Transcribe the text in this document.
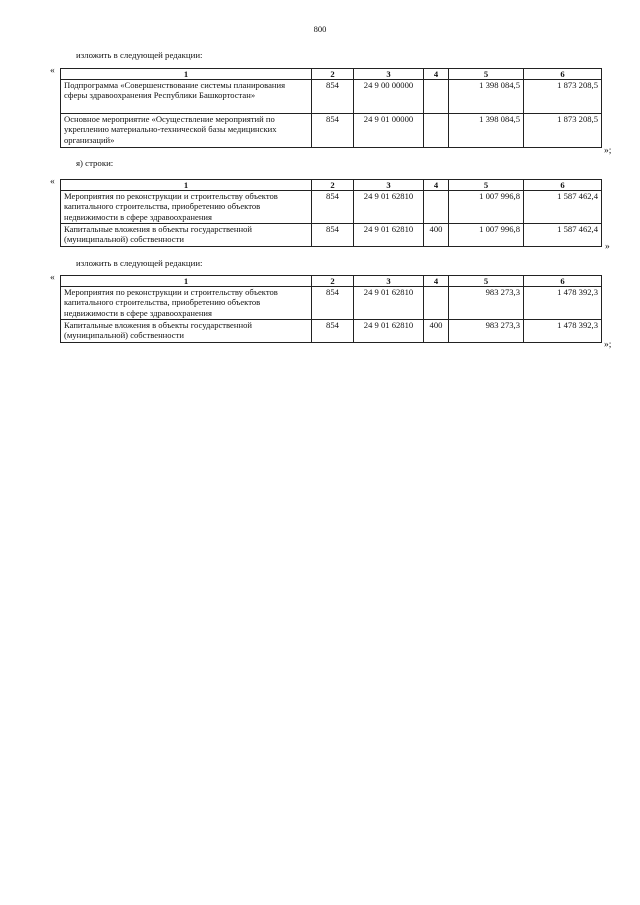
800
изложить в следующей редакции:
«	1	2	3	4	5	6
Подпрограмма «Совершенствование системы планирования сферы здравоохранения Республики Башкортостан»	854	24 9 00 00000		1 398 084,5	1 873 208,5
Основное мероприятие «Осуществление мероприятий по укреплению материально-технической базы медицинских организаций»	854	24 9 01 00000		1 398 084,5	1 873 208,5
»;
я) строки:
«	1	2	3	4	5	6
Мероприятия по реконструкции и строительству объектов капитального строительства, приобретению объектов недвижимости в сфере здравоохранения	854	24 9 01 62810		1 007 996,8	1 587 462,4
Капитальные вложения в объекты государственной (муниципальной) собственности	854	24 9 01 62810	400	1 007 996,8	1 587 462,4
»
изложить в следующей редакции:
«	1	2	3	4	5	6
Мероприятия по реконструкции и строительству объектов капитального строительства, приобретению объектов недвижимости в сфере здравоохранения	854	24 9 01 62810		983 273,3	1 478 392,3
Капитальные вложения в объекты государственной (муниципальной) собственности	854	24 9 01 62810	400	983 273,3	1 478 392,3
»;
